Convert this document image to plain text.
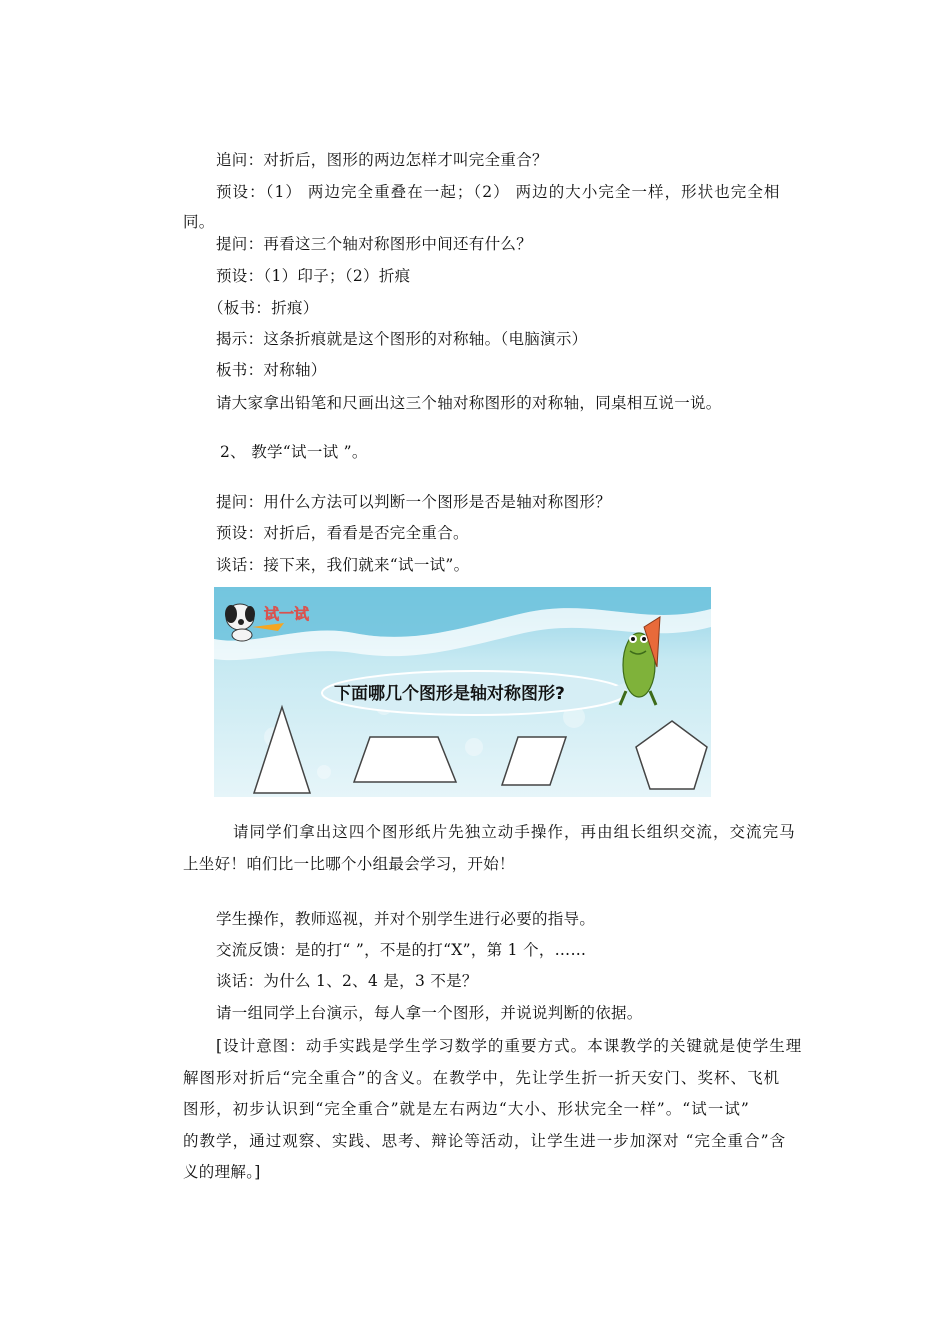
追问：对折后，图形的两边怎样才叫完全重合？
预设：（1） 两边完全重叠在一起；（2） 两边的大小完全一样，形状也完全相
同。
提问：再看这三个轴对称图形中间还有什么？
预设：（1）印子；（2）折痕
（板书：折痕）
揭示：这条折痕就是这个图形的对称轴。（电脑演示）
板书：对称轴）
请大家拿出铅笔和尺画出这三个轴对称图形的对称轴，同桌相互说一说。
2、 教学“试一试 ”。
提问：用什么方法可以判断一个图形是否是轴对称图形？
预设：对折后，看看是否完全重合。
谈话：接下来，我们就来“试一试”。
试一试
下面哪几个图形是轴对称图形?
请同学们拿出这四个图形纸片先独立动手操作，再由组长组织交流，交流完马
上坐好！咱们比一比哪个小组最会学习，开始！
学生操作，教师巡视，并对个别学生进行必要的指导。
交流反馈：是的打“ ”，不是的打“X”，第 1 个，……
谈话：为什么 1、2、4 是，3 不是？
请一组同学上台演示，每人拿一个图形，并说说判断的依据。
[设计意图：动手实践是学生学习数学的重要方式。本课教学的关键就是使学生理
解图形对折后“完全重合”的含义。在教学中，先让学生折一折天安门、奖杯、飞机
图形，初步认识到“完全重合”就是左右两边“大小、形状完全一样”。“试一试”
的教学，通过观察、实践、思考、辩论等活动，让学生进一步加深对 “完全重合”含
义的理解。]
